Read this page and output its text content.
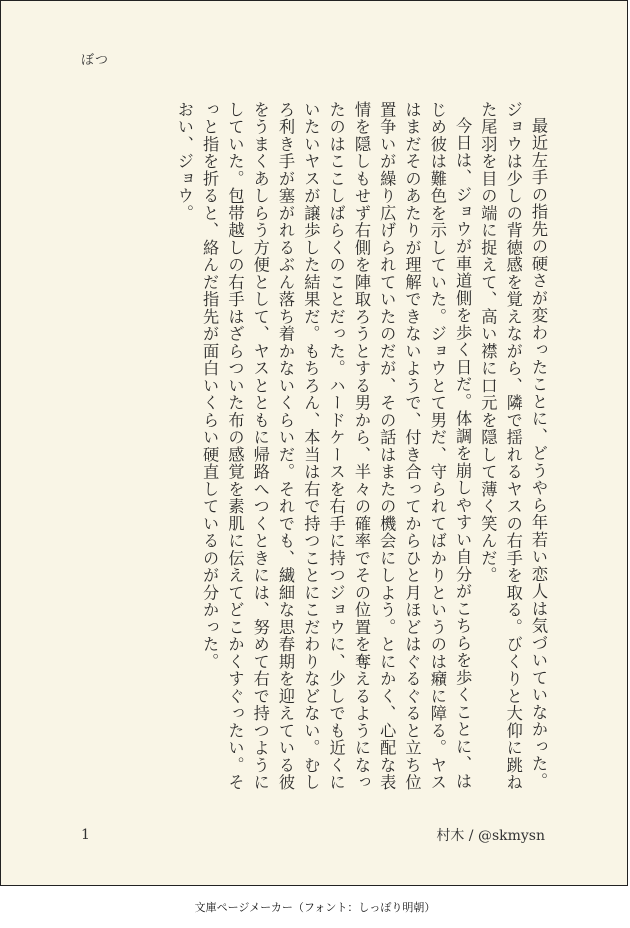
ぼつ

最近左手の指先の硬さが変わったことに、どうやら年若い恋人は気づいていなかった。ジョウは少しの背徳感を覚えながら、隣で揺れるヤスの右手を取る。びくりと大仰に跳ねた尾羽を目の端に捉えて、高い襟に口元を隠して薄く笑んだ。

今日は、ジョウが車道側を歩く日だ。体調を崩しやすい自分がこちらを歩くことに、はじめ彼は難色を示していた。ジョウとて男だ、守られてばかりというのは癪に障る。ヤスはまだそのあたりが理解できないようで、付き合ってからひと月ほどはぐるぐると立ち位置争いが繰り広げられていたのだが、その話はまたの機会にしよう。とにかく、心配な表情を隠しもせず右側を陣取ろうとする男から、半々の確率でその位置を奪えるようになったのはここしばらくのことだった。ハードケースを右手に持つジョウに、少しでも近くにいたいヤスが譲歩した結果だ。もちろん、本当は右で持つことにこだわりなどない。むしろ利き手が塞がれるぶん落ち着かないくらいだ。それでも、繊細な思春期を迎えている彼をうまくあしらう方便として、ヤスとともに帰路へつくときには、努めて右で持つようにしていた。包帯越しの右手はざらついた布の感覚を素肌に伝えてどこかくすぐったい。そっと指を折ると、絡んだ指先が面白いくらい硬直しているのが分かった。

おい、ジョウ。

1	村木 / @skmysn
文庫ページメーカー（フォント：しっぽり明朝）
